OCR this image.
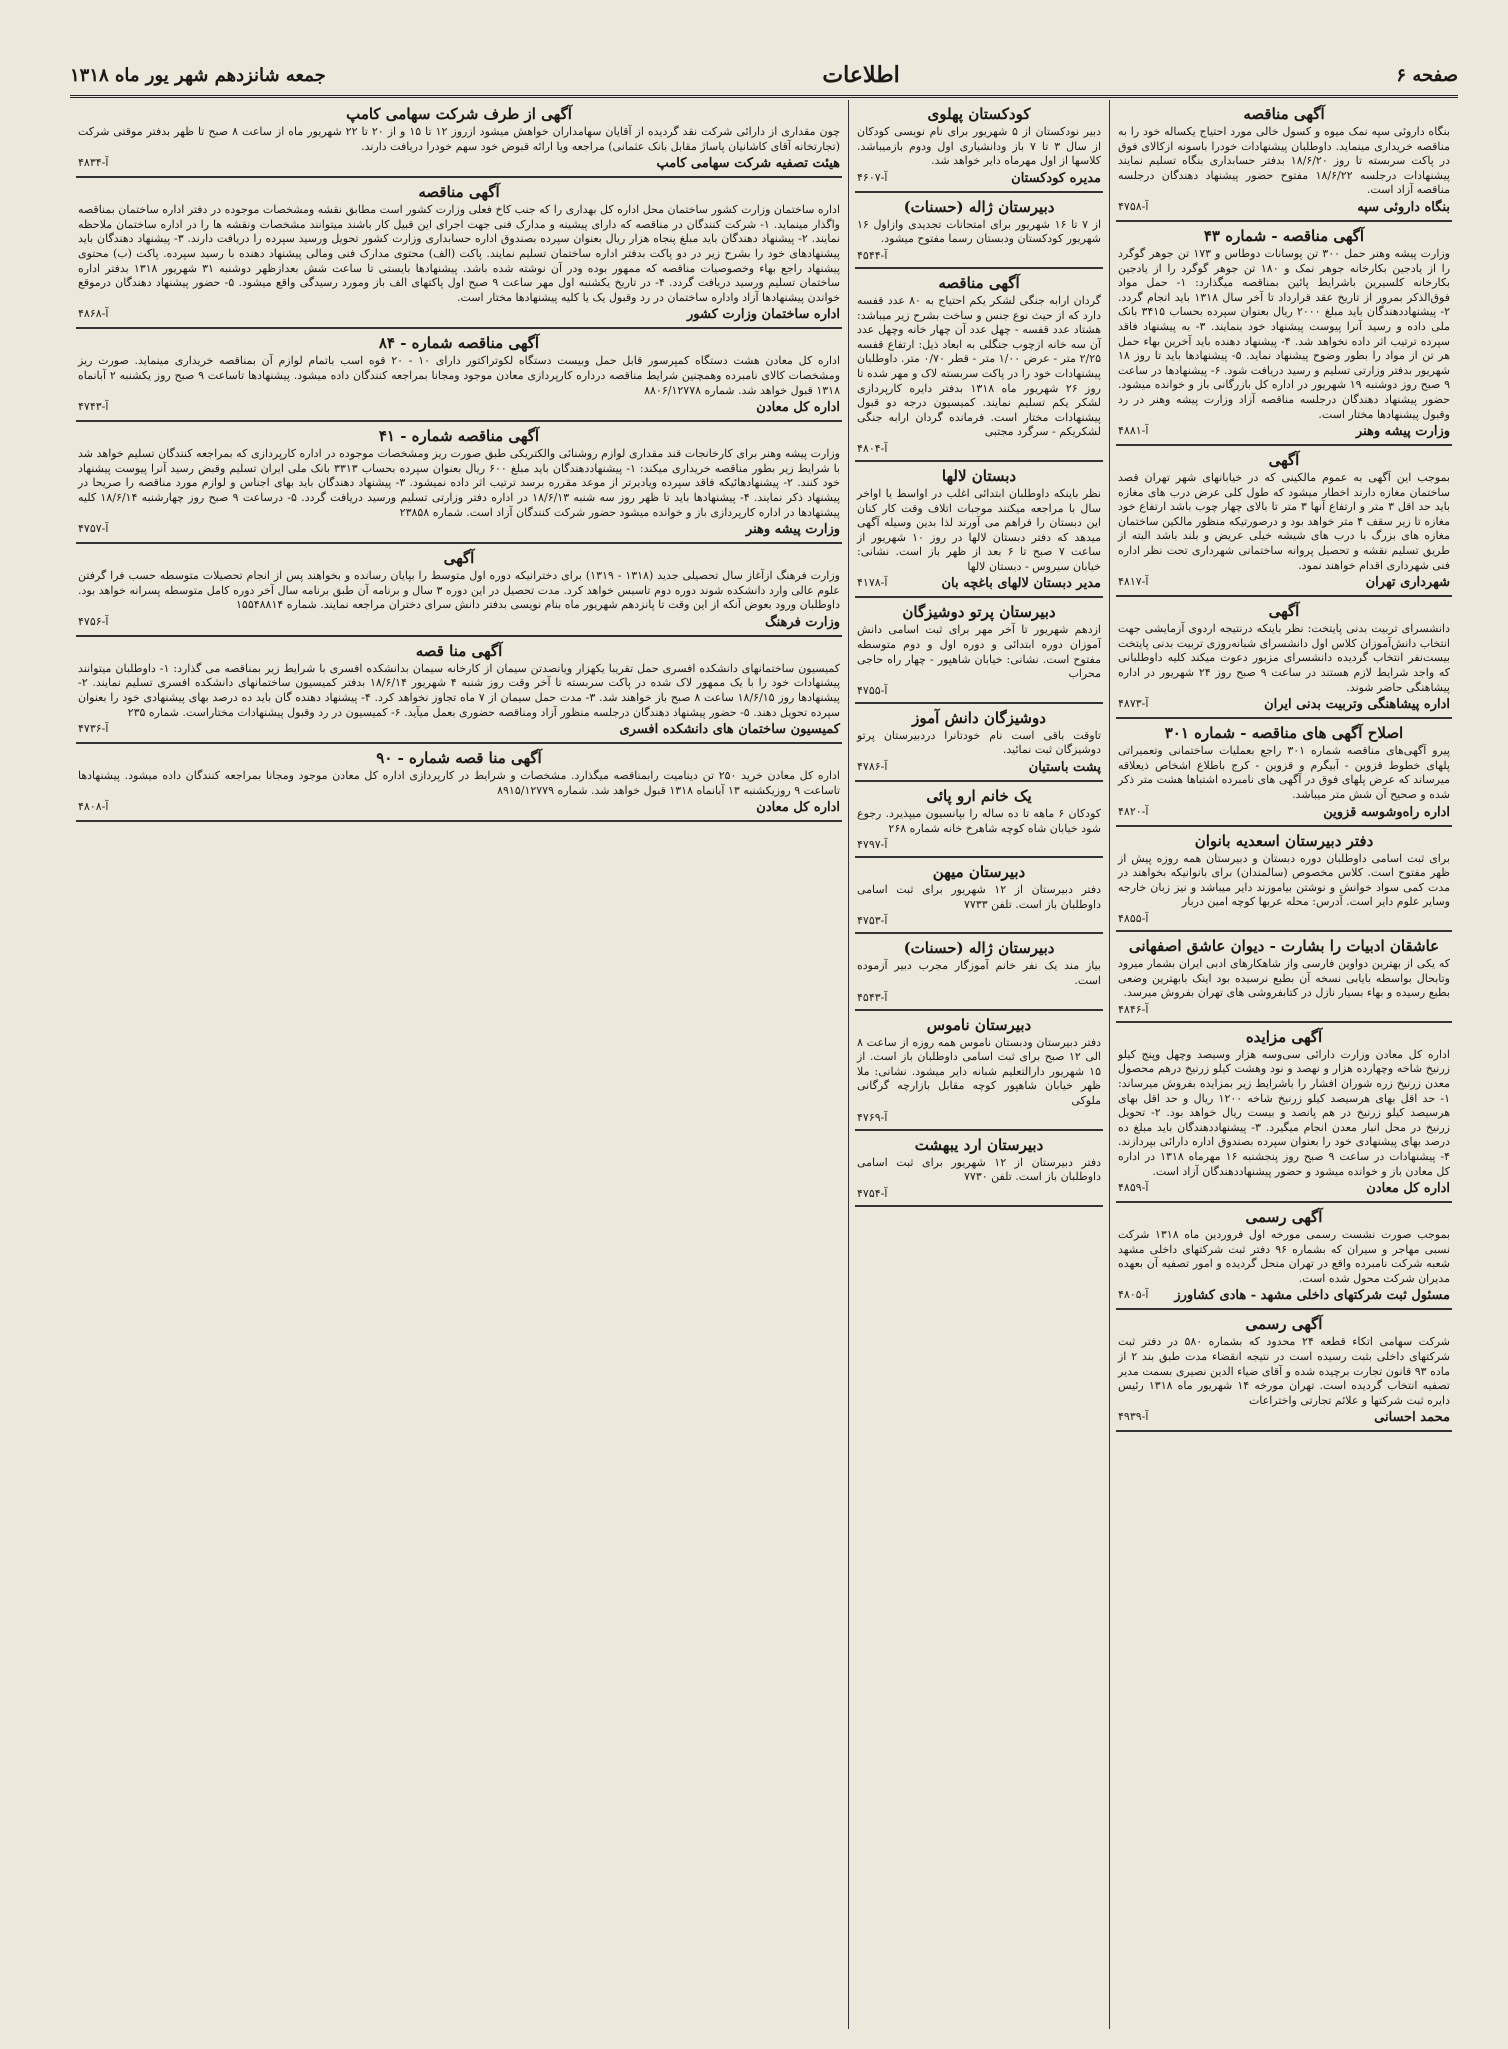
صفحه ۶
اطلاعات
جمعه شانزدهم شهر یور ماه ۱۳۱۸
آگهی مناقصه
بنگاه داروئی سپه نمک میوه و کسول خالی مورد احتیاج یکساله خود را به مناقصه خریداری مینماید. داوطلبان پیشنهادات خودرا باسونه ازکالای فوق در پاکت سربسته تا روز ۱۸/۶/۲۰ بدفتر حسابداری بنگاه تسلیم نمایند پیشنهادات درجلسه ۱۸/۶/۲۲ مفتوح حضور پیشنهاد دهندگان درجلسه مناقصه آزاد است.
بنگاه داروئی سپه
آ-۴۷۵۸
آگهی مناقصه - شماره ۴۳
وزارت پیشه وهنر حمل ۳۰۰ تن پوسانات دوطاس و ۱۷۳ تن جوهر گوگرد را از یادجین بکارخانه جوهر نمک و ۱۸۰ تن جوهر گوگرد را از یادجین بکارخانه کلسیرین باشرایط پائین بمناقصه میگذارد: ۱- حمل مواد فوق‌الذکر بمرور از تاریخ عقد قرارداد تا آخر سال ۱۳۱۸ باید انجام گردد. ۲- پیشنهاددهندگان باید مبلغ ۲۰۰۰ ریال بعنوان سپرده بحساب ۳۴۱۵ بانک ملی داده و رسید آنرا پیوست پیشنهاد خود بنمایند. ۳- به پیشنهاد فاقد سپرده ترتیب اثر داده نخواهد شد. ۴- پیشنهاد دهنده باید آخرین بهاء حمل هر تن از مواد را بطور وضوح پیشنهاد نماید. ۵- پیشنهادها باید تا روز ۱۸ شهریور بدفتر وزارتی تسلیم و رسید دریافت شود. ۶- پیشنهادها در ساعت ۹ صبح روز دوشنبه ۱۹ شهریور در اداره کل بازرگانی باز و خوانده میشود. حضور پیشنهاد دهندگان درجلسه مناقصه آزاد وزارت پیشه وهنر در رد وقبول پیشنهادها مختار است.
وزارت پیشه وهنر
آ-۴۸۸۱
آگهی
بموجب این آگهی به عموم مالکینی که در خیابانهای شهر تهران قصد ساختمان مغازه دارند اخطار میشود که طول کلی عرض درب های مغازه باید حد اقل ۳ متر و ارتفاع آنها ۳ متر تا بالای چهار چوب باشد ارتفاع خود مغازه تا زیر سقف ۴ متر خواهد بود و درصورتیکه منظور مالکین ساختمان مغازه های بزرگ با درب های شیشه خیلی عریض و بلند باشد البته از طریق تسلیم نقشه و تحصیل پروانه ساختمانی شهرداری تحت نظر اداره فنی شهرداری اقدام خواهند نمود.
شهرداری تهران
آ-۴۸۱۷
آگهی
دانشسرای تربیت بدنی پایتخت: نظر باینکه درنتیجه اردوی آزمایشی جهت انتخاب دانش‌آموزان کلاس اول دانشسرای شبانه‌روزی تربیت بدنی پایتخت بیست‌نفر انتخاب گردیده دانشسرای مزبور دعوت میکند کلیه داوطلبانی که واجد شرایط لازم هستند در ساعت ۹ صبح روز ۲۴ شهریور در اداره پیشاهنگی حاضر شوند.
اداره پیشاهنگی وتربیت بدنی ایران
آ-۴۸۷۳
اصلاح آگهی های مناقصه - شماره ۳۰۱
پیرو آگهی‌های مناقصه شماره ۳۰۱ راجع بعملیات ساختمانی وتعمیراتی پلهای خطوط قزوین - آبیگرم و قزوین - کرج باطلاع اشخاص ذیعلاقه میرساند که عرض پلهای فوق در آگهی های نامبرده اشتباها هشت متر ذکر شده و صحیح آن شش متر میباشد.
اداره راه‌وشوسه قزوین
آ-۴۸۲۰
دفتر دبیرستان اسعدیه بانوان
برای ثبت اسامی داوطلبان دوره دبستان و دبیرستان همه روزه پیش از ظهر مفتوح است. کلاس مخصوص (سالمندان) برای بانوانیکه بخواهند در مدت کمی سواد خوانش و نوشتن بیاموزند دایر میباشد و نیز زبان خارجه وسایر علوم دایر است. آدرس: محله عربها کوچه امین دربار
آ-۴۸۵۵
عاشقان ادبیات را بشارت - دیوان عاشق اصفهانی
که یکی از بهترین دواوین فارسی واز شاهکارهای ادبی ایران بشمار میرود وتابحال بواسطه بایابی نسخه آن بطبع نرسیده بود اینک بابهترین وضعی بطبع رسیده و بهاء بسیار نازل در کتابفروشی های تهران بفروش میرسد.
آ-۴۸۴۶
آگهی مزایده
اداره کل معادن وزارت دارائی سی‌وسه هزار وسیصد وچهل وپنج کیلو زرنیخ شاخه وچهارده هزار و نهصد و نود وهشت کیلو زرنیخ درهم محصول معدن زرنیخ زره شوران افشار را باشرایط زیر بمزایده بفروش میرساند: ۱- حد اقل بهای هرسیصد کیلو زرنیخ شاخه ۱۲۰۰ ریال و حد اقل بهای هرسیصد کیلو زرنیخ در هم پانصد و بیست ریال خواهد بود. ۲- تحویل زرنیخ در محل انبار معدن انجام میگیرد. ۳- پیشنهاددهندگان باید مبلغ ده درصد بهای پیشنهادی خود را بعنوان سپرده بصندوق اداره دارائی بپردازند. ۴- پیشنهادات در ساعت ۹ صبح روز پنجشنبه ۱۶ مهرماه ۱۳۱۸ در اداره کل معادن باز و خوانده میشود و حضور پیشنهاددهندگان آزاد است.
اداره کل معادن
آ-۴۸۵۹
آگهی رسمی
بموجب صورت نشست رسمی مورخه اول فروردین ماه ۱۳۱۸ شرکت نسبی مهاجر و سیران که بشماره ۹۶ دفتر ثبت شرکتهای داخلی مشهد شعبه شرکت نامبرده واقع در تهران منحل گردیده و امور تصفیه آن بعهده مدیران شرکت محول شده است.
مسئول ثبت شرکتهای داخلی مشهد - هادی کشاورز
آ-۴۸۰۵
آگهی رسمی
شرکت سهامی اتکاء قطعه ۲۴ محدود که بشماره ۵۸۰ در دفتر ثبت شرکتهای داخلی بثبت رسیده است در نتیجه انقضاء مدت طبق بند ۲ از ماده ۹۳ قانون تجارت برچیده شده و آقای ضیاء الدین نصیری بسمت مدیر تصفیه انتخاب گردیده است. تهران مورخه ۱۴ شهریور ماه ۱۳۱۸ رئیس دایره ثبت شرکتها و علائم تجارتی واختراعات
محمد احسانی
آ-۴۹۳۹
کودکستان پهلوی
دبیر نودکستان از ۵ شهریور برای نام نویسی کودکان از سال ۳ تا ۷ باز ودانشیاری اول ودوم بازمیباشد. کلاسها از اول مهرماه دایر خواهد شد.
مدیره کودکستان
آ-۴۶۰۷
دبیرستان ژاله (حسنات)
از ۷ تا ۱۶ شهریور برای امتحانات تجدیدی وازاول ۱۶ شهریور کودکستان ودبستان رسما مفتوح میشود.
آ-۴۵۴۴
آگهی مناقصه
گردان ارابه جنگی لشکر یکم احتیاج به ۸۰ عدد قفسه دارد که از حیث نوع جنس و ساخت بشرح زیر میباشد: هشتاد عدد قفسه - چهل عدد آن چهار خانه وچهل عدد آن سه خانه ازچوب جنگلی به ابعاد ذیل: ارتفاع قفسه ۲/۲۵ متر - عرض ۱/۰۰ متر - قطر ۰/۷۰ متر. داوطلبان پیشنهادات خود را در پاکت سربسته لاک و مهر شده تا روز ۲۶ شهریور ماه ۱۳۱۸ بدفتر دایره کارپردازی لشکر یکم تسلیم نمایند. کمیسیون درجه دو قبول پیشنهادات مختار است. فرمانده گردان ارابه جنگی لشکریکم - سرگرد مجتبی
آ-۴۸۰۴
دبستان لالها
نظر باینکه داوطلبان ابتدائی اغلب در اواسط یا اواخر سال با مراجعه میکنند موجبات اتلاف وقت کار کنان این دبستان را فراهم می آورند لذا بدین وسیله آگهی میدهد که دفتر دبستان لالها در روز ۱۰ شهریور از ساعت ۷ صبح تا ۶ بعد از ظهر باز است. نشانی: خیابان سیروس - دبستان لالها
مدیر دبستان لالهای باغچه بان
آ-۴۱۷۸
دبیرستان پرتو دوشیزگان
ازدهم شهریور تا آخر مهر برای ثبت اسامی دانش آموزان دوره ابتدائی و دوره اول و دوم متوسطه مفتوح است. نشانی: خیابان شاهپور - چهار راه حاجی محراب
آ-۴۷۵۵
دوشیزگان دانش آموز
تاوقت باقی است نام خودتانرا دردبیرستان پرتو دوشیزگان ثبت نمائید.
پشت باستیان
آ-۴۷۸۶
یک خانم ارو پائی
کودکان ۶ ماهه تا ده ساله را بپانسیون میپذیرد. رجوع شود خیابان شاه کوچه شاهرخ خانه شماره ۲۶۸
آ-۴۷۹۷
دبیرستان میهن
دفتر دبیرستان از ۱۲ شهریور برای ثبت اسامی داوطلبان باز است. تلفن ۷۷۳۳
آ-۴۷۵۳
دبیرستان ژاله (حسنات)
بیاز مند یک نفر خانم آموزگار مجرب دبیر آزموده است.
آ-۴۵۴۳
دبیرستان ناموس
دفتر دبیرستان ودبستان ناموس همه روزه از ساعت ۸ الی ۱۲ صبح برای ثبت اسامی داوطلبان باز است. از ۱۵ شهریور دارالتعلیم شبانه دایر میشود. نشانی: ملا ظهر خیابان شاهپور کوچه مقابل بازارچه گرگانی ملوکی
آ-۴۷۶۹
دبیرستان ارد یبهشت
دفتر دبیرستان از ۱۲ شهریور برای ثبت اسامی داوطلبان باز است. تلفن ۷۷۳۰
آ-۴۷۵۴
آگهی از طرف شرکت سهامی کامپ
چون مقداری از دارائی شرکت نقد گردیده از آقایان سهامداران خواهش میشود ازروز ۱۲ تا ۱۵ و از ۲۰ تا ۲۲ شهریور ماه از ساعت ۸ صبح تا ظهر بدفتر موقتی شرکت (تجارتخانه آقای کاشانیان پاساژ مقابل بانک عثمانی) مراجعه ویا ارائه قبوض خود سهم خودرا دریافت دارند.
هیئت تصفیه شرکت سهامی کامپ
آ-۴۸۳۴
آگهی مناقصه
اداره ساختمان وزارت کشور ساختمان محل اداره کل بهداری را که جنب کاخ فعلی وزارت کشور است مطابق نقشه ومشخصات موجوده در دفتر اداره ساختمان بمناقصه واگذار مینماید. ۱- شرکت کنندگان در مناقصه که دارای پیشینه و مدارک فنی جهت اجرای این قبیل کار باشند میتوانند مشخصات ونقشه ها را در اداره ساختمان ملاحظه نمایند. ۲- پیشنهاد دهندگان باید مبلغ پنجاه هزار ریال بعنوان سپرده بصندوق اداره حسابداری وزارت کشور تحویل ورسید سپرده را دریافت دارند. ۳- پیشنهاد دهندگان باید پیشنهادهای خود را بشرح زیر در دو پاکت بدفتر اداره ساختمان تسلیم نمایند. پاکت (الف) محتوی مدارک فنی ومالی پیشنهاد دهنده با رسید سپرده. پاکت (ب) محتوی پیشنهاد راجع بهاء وخصوصیات مناقصه که ممهور بوده ودر آن نوشته شده باشد. پیشنهادها بایستی تا ساعت شش بعدازظهر دوشنبه ۳۱ شهریور ۱۳۱۸ بدفتر اداره ساختمان تسلیم ورسید دریافت گردد. ۴- در تاریخ یکشنبه اول مهر ساعت ۹ صبح اول پاکتهای الف باز ومورد رسیدگی واقع میشود. ۵- حضور پیشنهاد دهندگان درموقع خواندن پیشنهادها آزاد واداره ساختمان در رد وقبول یک یا کلیه پیشنهادها مختار است.
اداره ساختمان وزارت کشور
آ-۴۸۶۸
آگهی مناقصه شماره - ۸۴
اداره کل معادن هشت دستگاه کمپرسور قابل حمل وبیست دستگاه لکوتراکتور دارای ۱۰ - ۲۰ قوه اسب باتمام لوازم آن بمناقصه خریداری مینماید. صورت ریز ومشخصات کالای نامبرده وهمچنین شرایط مناقصه درداره کارپردازی معادن موجود ومجانا بمراجعه کنندگان داده میشود. پیشنهادها تاساعت ۹ صبح روز یکشنبه ۲ آبانماه ۱۳۱۸ قبول خواهد شد. شماره ۸۸۰۶/۱۲۷۷۸
اداره کل معادن
آ-۴۷۴۳
آگهی مناقصه شماره - ۴۱
وزارت پیشه وهنر برای کارخانجات قند مقداری لوازم روشنائی والکتریکی طبق صورت ریز ومشخصات موجوده در اداره کارپردازی که بمراجعه کنندگان تسلیم خواهد شد با شرایط زیر بطور مناقصه خریداری میکند: ۱- پیشنهاددهندگان باید مبلغ ۶۰۰ ریال بعنوان سپرده بحساب ۳۳۱۳ بانک ملی ایران تسلیم وقبض رسید آنرا پیوست پیشنهاد خود کنند. ۲- پیشنهادهائیکه فاقد سپرده ویادیرتر از موعد مقرره برسد ترتیب اثر داده نمیشود. ۳- پیشنهاد دهندگان باید بهای اجناس و لوازم مورد مناقصه را صریحا در پیشنهاد ذکر نمایند. ۴- پیشنهادها باید تا ظهر روز سه شنبه ۱۸/۶/۱۳ در اداره دفتر وزارتی تسلیم ورسید دریافت گردد. ۵- درساعت ۹ صبح روز چهارشنبه ۱۸/۶/۱۴ کلیه پیشنهادها در اداره کارپردازی باز و خوانده میشود حضور شرکت کنندگان آزاد است. شماره ۲۳۸۵۸
وزارت پیشه وهنر
آ-۴۷۵۷
آگهی
وزارت فرهنگ ازآغاز سال تحصیلی جدید (۱۳۱۸ - ۱۳۱۹) برای دخترانیکه دوره اول متوسط را بپایان رسانده و بخواهند پس از انجام تحصیلات متوسطه حسب فرا گرفتن علوم عالی وارد دانشکده شوند دوره دوم تاسیس خواهد کرد. مدت تحصیل در این دوره ۳ سال و برنامه آن طبق برنامه سال آخر دوره کامل متوسطه پسرانه خواهد بود. داوطلبان ورود بعوض آنکه از این وقت تا پانزدهم شهریور ماه بنام نویسی بدفتر دانش سرای دختران مراجعه نمایند. شماره ۱۵۵۴۸۸۱۴
وزارت فرهنگ
آ-۴۷۵۶
آگهی منا قصه
کمیسیون ساختمانهای دانشکده افسری حمل تقریبا یکهزار ویانصدتن سیمان از کارخانه سیمان بدانشکده افسری با شرایط زیر بمناقصه می گذارد: ۱- داوطلبان میتوانند پیشنهادات خود را با یک ممهور لاک شده در پاکت سربسته تا آخر وقت روز شنبه ۴ شهریور ۱۸/۶/۱۴ بدفتر کمیسیون ساختمانهای دانشکده افسری تسلیم نمایند. ۲- پیشنهادها روز ۱۸/۶/۱۵ ساعت ۸ صبح باز خواهند شد. ۳- مدت حمل سیمان از ۷ ماه تجاوز نخواهد کرد. ۴- پیشنهاد دهنده گان باید ده درصد بهای پیشنهادی خود را بعنوان سپرده تحویل دهند. ۵- حضور پیشنهاد دهندگان درجلسه منظور آزاد ومناقصه حضوری بعمل میآید. ۶- کمیسیون در رد وقبول پیشنهادات مختاراست. شماره ۲۳۵
کمیسیون ساختمان های دانشکده افسری
آ-۴۷۳۶
آگهی منا قصه شماره - ۹۰
اداره کل معادن خرید ۲۵۰ تن دینامیت رابمناقصه میگذارد. مشخصات و شرایط در کارپردازی اداره کل معادن موجود ومجانا بمراجعه کنندگان داده میشود. پیشنهادها تاساعت ۹ روزیکشنبه ۱۳ آبانماه ۱۳۱۸ قبول خواهد شد. شماره ۸۹۱۵/۱۲۷۷۹
اداره کل معادن
آ-۴۸۰۸
